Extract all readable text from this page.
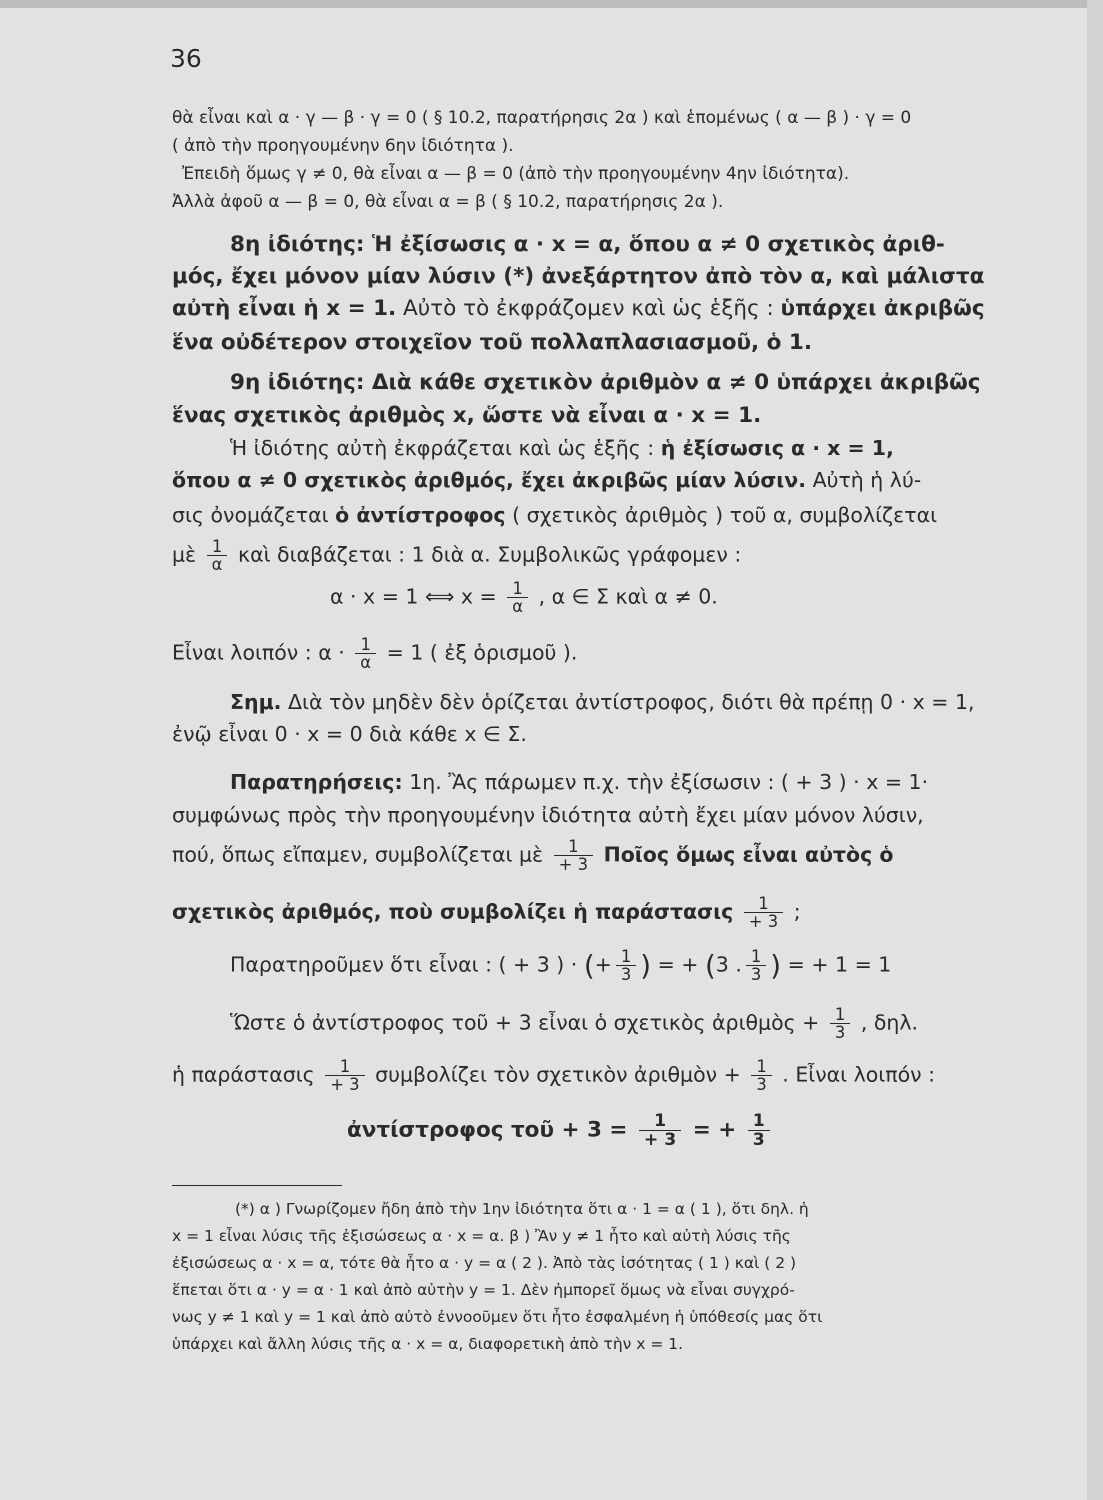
36
θὰ εἶναι καὶ α · γ — β · γ = 0 ( § 10.2, παρατήρησις 2α ) καὶ ἑπομένως ( α — β ) · γ = 0
( ἀπὸ τὴν προηγουμένην 6ην ἰδιότητα ).
Ἐπειδὴ ὅμως γ ≠ 0, θὰ εἶναι α — β = 0 (ἀπὸ τὴν προηγουμένην 4ην ἰδιότητα).
Ἀλλὰ ἀφοῦ α — β = 0, θὰ εἶναι α = β ( § 10.2, παρατήρησις 2α ).
8η ἰδιότης: Ἡ ἐξίσωσις α · x = α, ὅπου α ≠ 0 σχετικὸς ἀριθ-
μός, ἔχει μόνον μίαν λύσιν (*) ἀνεξάρτητον ἀπὸ τὸν α, καὶ μάλιστα
αὐτὴ εἶναι ἡ x = 1. Αὐτὸ τὸ ἐκφράζομεν καὶ ὡς ἑξῆς : ὑπάρχει ἀκριβῶς
ἕνα οὐδέτερον στοιχεῖον τοῦ πολλαπλασιασμοῦ, ὁ 1.
9η ἰδιότης: Διὰ κάθε σχετικὸν ἀριθμὸν α ≠ 0 ὑπάρχει ἀκριβῶς
ἕνας σχετικὸς ἀριθμὸς x, ὥστε νὰ εἶναι α · x = 1.
Ἡ ἰδιότης αὐτὴ ἐκφράζεται καὶ ὡς ἑξῆς : ἡ ἐξίσωσις α · x = 1,
ὅπου α ≠ 0 σχετικὸς ἀριθμός, ἔχει ἀκριβῶς μίαν λύσιν. Αὐτὴ ἡ λύ-
σις ὀνομάζεται ὁ ἀντίστροφος ( σχετικὸς ἀριθμὸς ) τοῦ α, συμβολίζεται
μὲ $\frac{1}{\alpha}$ καὶ διαβάζεται : 1 διὰ α. Συμβολικῶς γράφομεν :
α · x = 1 ⟺ $x = \frac{1}{\alpha}$ , α ∈ Σ καὶ α ≠ 0.
Εἶναι λοιπόν : $\alpha \cdot \frac{1}{\alpha} = 1$ ( ἐξ ὁρισμοῦ ).
Σημ. Διὰ τὸν μηδὲν δὲν ὁρίζεται ἀντίστροφος, διότι θὰ πρέπῃ 0 · x = 1,
ἐνῷ εἶναι 0 · x = 0 διὰ κάθε x ∈ Σ.
Παρατηρήσεις: 1η. Ἂς πάρωμεν π.χ. τὴν ἐξίσωσιν : ( + 3 ) · x = 1·
συμφώνως πρὸς τὴν προηγουμένην ἰδιότητα αὐτὴ ἔχει μίαν μόνον λύσιν,
πού, ὅπως εἴπαμεν, συμβολίζεται μὲ $\frac{1}{+ 3}$ Ποῖος ὅμως εἶναι αὐτὸς ὁ
σχετικὸς ἀριθμός, ποὺ συμβολίζει ἡ παράστασις $\frac{1}{+ 3}$ ;
Παρατηροῦμεν ὅτι εἶναι : ( + 3 ) · (+ $\frac{1}{3}$ ) = + (3 . $\frac{1}{3}$ ) = + 1 = 1
Ὥστε ὁ ἀντίστροφος τοῦ + 3 εἶναι ὁ σχετικὸς ἀριθμὸς + $\frac{1}{3}$ , δηλ.
ἡ παράστασις $\frac{1}{+ 3}$ συμβολίζει τὸν σχετικὸν ἀριθμὸν + $\frac{1}{3}$ . Εἶναι λοιπόν :
ἀντίστροφος τοῦ + $3 = \frac{1}{+ 3}$ = + $\frac{1}{3}$
(*) α ) Γνωρίζομεν ἤδη ἀπὸ τὴν 1ην ἰδιότητα ὅτι α · 1 = α ( 1 ), ὅτι δηλ. ἡ
x = 1 εἶναι λύσις τῆς ἐξισώσεως α · x = α. β ) Ἂν y ≠ 1 ἦτο καὶ αὐτὴ λύσις τῆς
ἐξισώσεως α · x = α, τότε θὰ ἦτο α · y = α ( 2 ). Ἀπὸ τὰς ἰσότητας ( 1 ) καὶ ( 2 )
ἕπεται ὅτι α · y = α · 1 καὶ ἀπὸ αὐτὴν y = 1. Δὲν ἠμπορεῖ ὅμως νὰ εἶναι συγχρό-
νως y ≠ 1 καὶ y = 1 καὶ ἀπὸ αὐτὸ ἐννοοῦμεν ὅτι ἦτο ἐσφαλμένη ἡ ὑπόθεσίς μας ὅτι
ὑπάρχει καὶ ἄλλη λύσις τῆς α · x = α, διαφορετικὴ ἀπὸ τὴν x = 1.
